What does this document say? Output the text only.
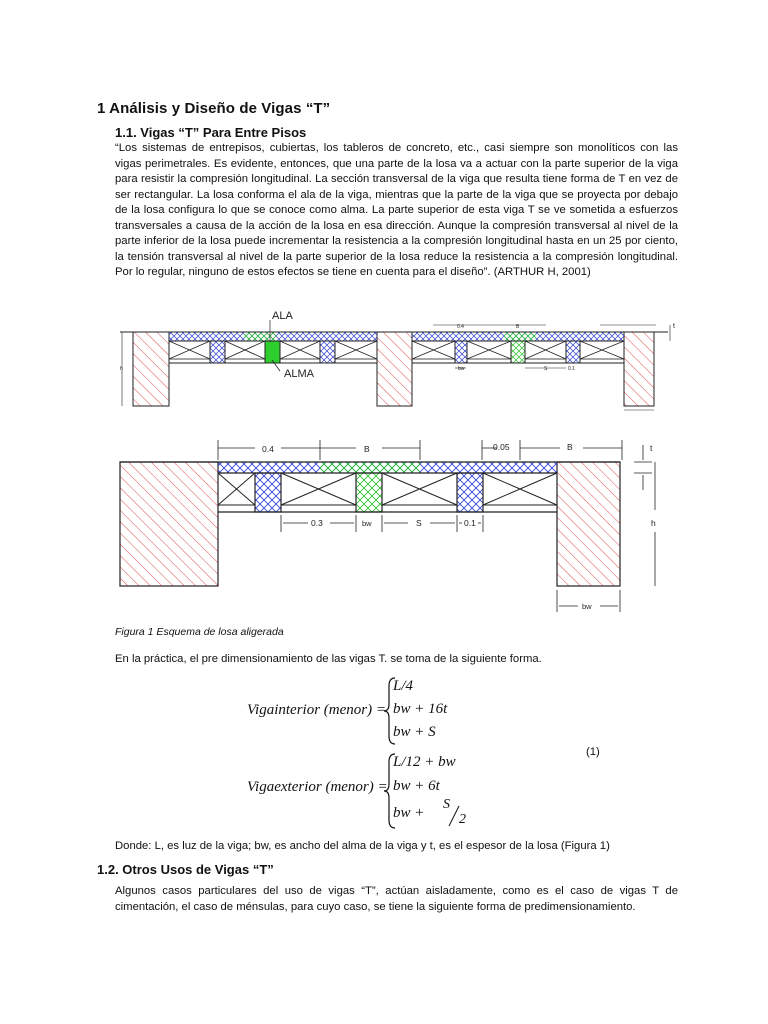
1 Análisis y Diseño de Vigas “T”
1.1. Vigas “T” Para Entre Pisos
“Los sistemas de entrepisos, cubiertas, los tableros de concreto, etc., casi siempre son monolíticos con las vigas perimetrales. Es evidente, entonces, que una parte de la losa va a actuar con la parte superior de la viga para resistir la compresión longitudinal. La sección transversal de la viga que resulta tiene forma de T en vez de ser rectangular. La losa conforma el ala de la viga, mientras que la parte de la viga que se proyecta por debajo de la losa configura lo que se conoce como alma. La parte superior de esta viga T se ve sometida a esfuerzos transversales a causa de la acción de la losa en esa dirección. Aunque la compresión transversal al nivel de la parte inferior de la losa puede incrementar la resistencia a la compresión longitudinal hasta en un 25 por ciento, la tensión transversal al nivel de la parte superior de la losa reduce la resistencia a la compresión longitudinal. Por lo regular, ninguno de estos efectos se tiene en cuenta para el diseño”. (ARTHUR H, 2001)
ALA
ALMA
0.4	B
bw	S	0.1
t
h
0.4	B	0.05	B	t
0.3	bw	S	0.1	h
bw
Figura 1 Esquema de losa aligerada
En la práctica, el pre dimensionamiento de las vigas T. se toma de la siguiente forma.
Vigainterior (menor) =
L/4
bw + 16t
bw + S
(1)
Vigaexterior (menor) =
L/12 + bw
bw + 6t
bw +
S
2
Donde: L, es luz de la viga; bw, es ancho del alma de la viga y t, es el espesor de la losa (Figura 1)
1.2. Otros Usos de Vigas “T”
Algunos casos particulares del uso de vigas “T”, actúan aisladamente, como es el caso de vigas T de cimentación, el caso de ménsulas, para cuyo caso, se tiene la siguiente forma de predimensionamiento.
